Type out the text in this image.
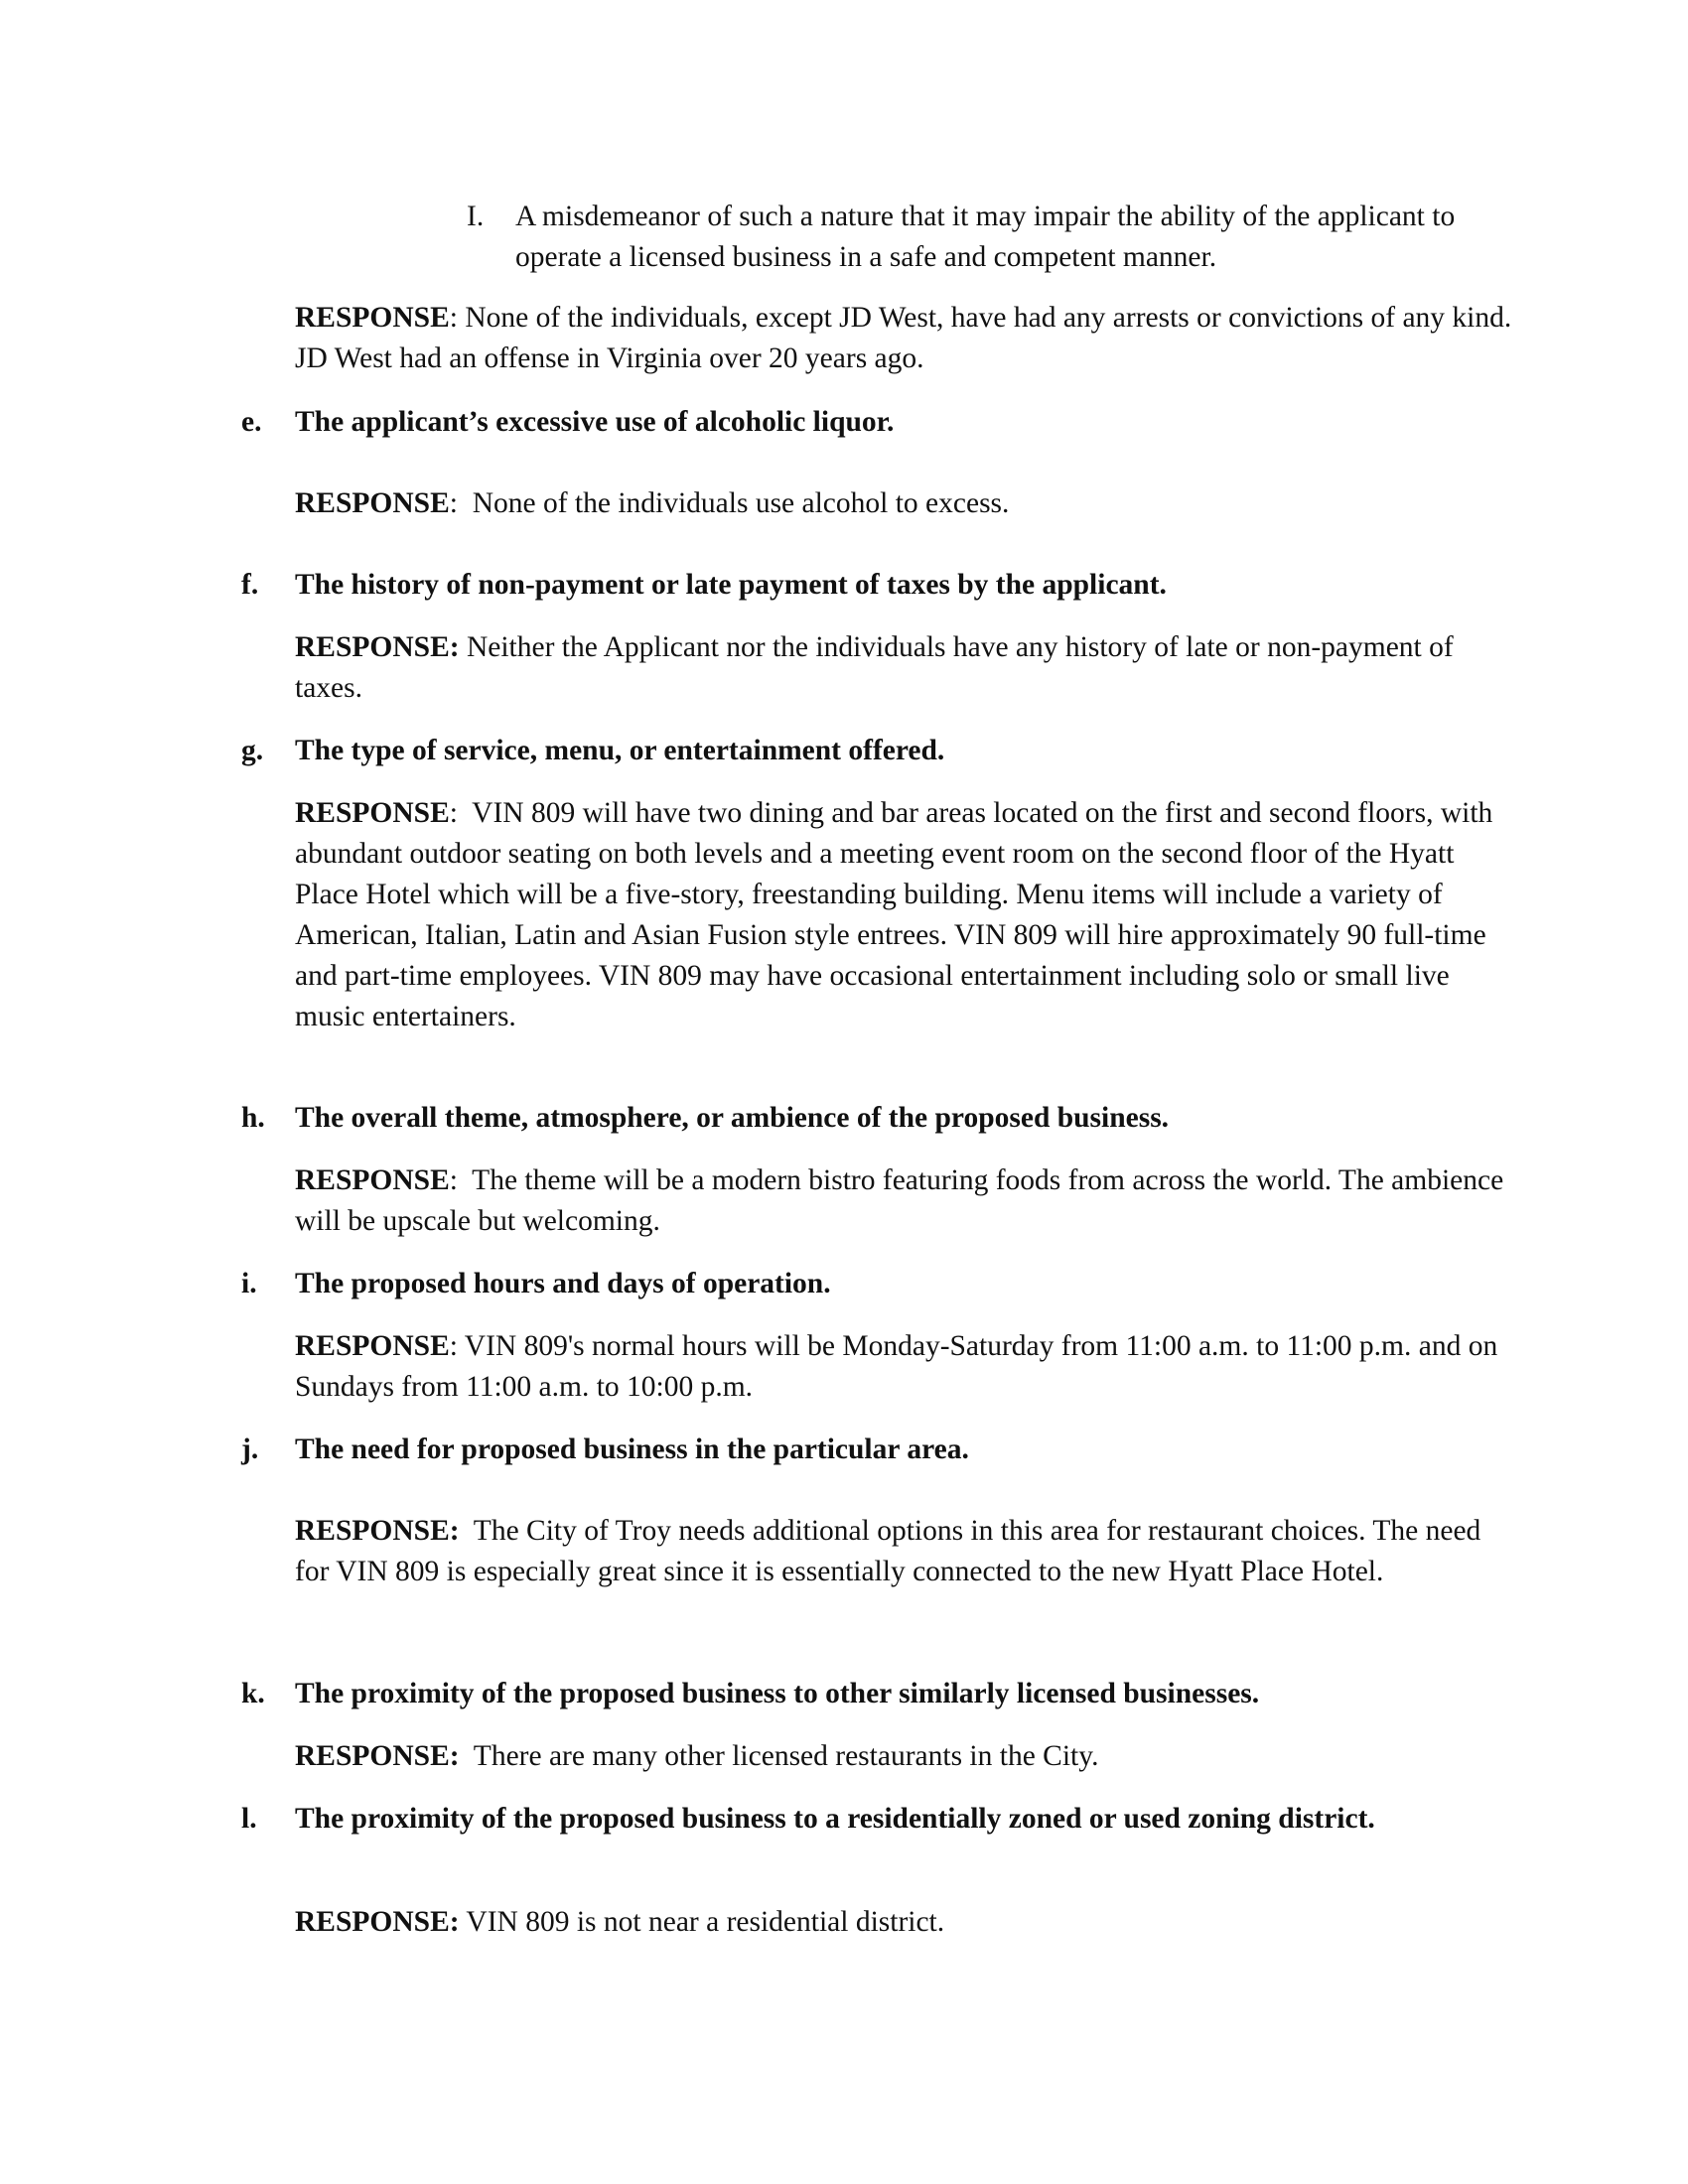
I. A misdemeanor of such a nature that it may impair the ability of the applicant to operate a licensed business in a safe and competent manner.
RESPONSE: None of the individuals, except JD West, have had any arrests or convictions of any kind. JD West had an offense in Virginia over 20 years ago.
e. The applicant’s excessive use of alcoholic liquor.
RESPONSE:  None of the individuals use alcohol to excess.
f. The history of non-payment or late payment of taxes by the applicant.
RESPONSE: Neither the Applicant nor the individuals have any history of late or non-payment of taxes.
g. The type of service, menu, or entertainment offered.
RESPONSE:  VIN 809 will have two dining and bar areas located on the first and second floors, with abundant outdoor seating on both levels and a meeting event room on the second floor of the Hyatt Place Hotel which will be a five-story, freestanding building. Menu items will include a variety of American, Italian, Latin and Asian Fusion style entrees. VIN 809 will hire approximately 90 full-time and part-time employees. VIN 809 may have occasional entertainment including solo or small live music entertainers.
h. The overall theme, atmosphere, or ambience of the proposed business.
RESPONSE:  The theme will be a modern bistro featuring foods from across the world. The ambience will be upscale but welcoming.
i. The proposed hours and days of operation.
RESPONSE: VIN 809's normal hours will be Monday-Saturday from 11:00 a.m. to 11:00 p.m. and on Sundays from 11:00 a.m. to 10:00 p.m.
j. The need for proposed business in the particular area.
RESPONSE: The City of Troy needs additional options in this area for restaurant choices. The need for VIN 809 is especially great since it is essentially connected to the new Hyatt Place Hotel.
k. The proximity of the proposed business to other similarly licensed businesses.
RESPONSE: There are many other licensed restaurants in the City.
l. The proximity of the proposed business to a residentially zoned or used zoning district.
RESPONSE: VIN 809 is not near a residential district.
